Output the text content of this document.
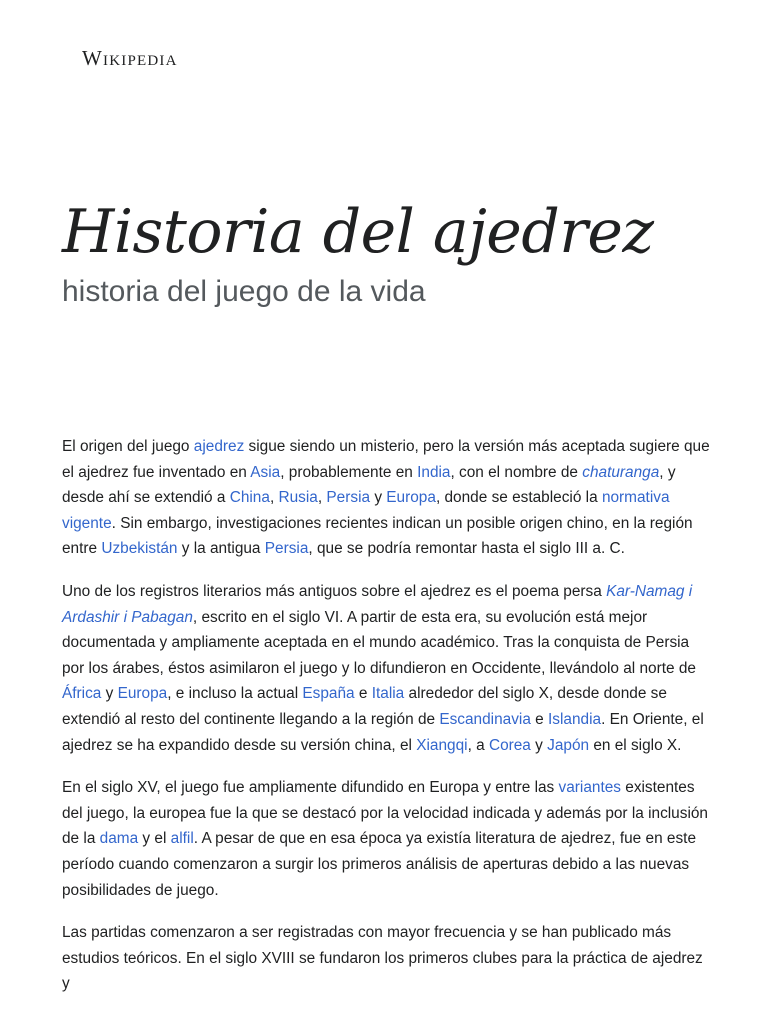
Wikipedia
Historia del ajedrez
historia del juego de la vida

El origen del juego ajedrez sigue siendo un misterio, pero la versión más aceptada sugiere que el ajedrez fue inventado en Asia, probablemente en India, con el nombre de chaturanga, y desde ahí se extendió a China, Rusia, Persia y Europa, donde se estableció la normativa vigente. Sin embargo, investigaciones recientes indican un posible origen chino, en la región entre Uzbekistán y la antigua Persia, que se podría remontar hasta el siglo III a. C.

Uno de los registros literarios más antiguos sobre el ajedrez es el poema persa Kar-Namag i Ardashir i Pabagan, escrito en el siglo VI. A partir de esta era, su evolución está mejor documentada y ampliamente aceptada en el mundo académico. Tras la conquista de Persia por los árabes, éstos asimilaron el juego y lo difundieron en Occidente, llevándolo al norte de África y Europa, e incluso la actual España e Italia alrededor del siglo X, desde donde se extendió al resto del continente llegando a la región de Escandinavia e Islandia. En Oriente, el ajedrez se ha expandido desde su versión china, el Xiangqi, a Corea y Japón en el siglo X.

En el siglo XV, el juego fue ampliamente difundido en Europa y entre las variantes existentes del juego, la europea fue la que se destacó por la velocidad indicada y además por la inclusión de la dama y el alfil. A pesar de que en esa época ya existía literatura de ajedrez, fue en este período cuando comenzaron a surgir los primeros análisis de aperturas debido a las nuevas posibilidades de juego.

Las partidas comenzaron a ser registradas con mayor frecuencia y se han publicado más estudios teóricos. En el siglo XVIII se fundaron los primeros clubes para la práctica de ajedrez y
